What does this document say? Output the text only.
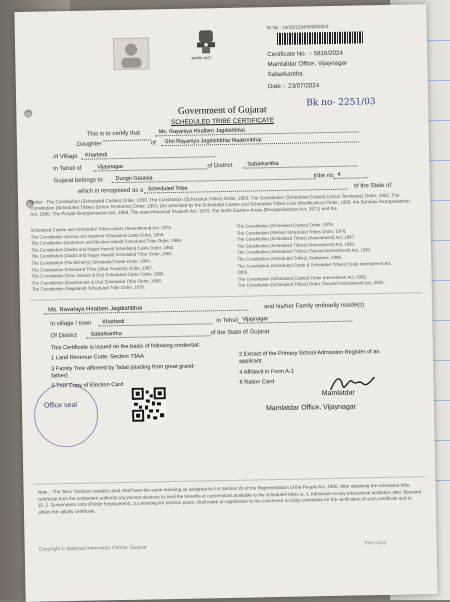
सत्यमेव जयते
Sr No : 24/10/1234/0000/2024
Certificate No. :- 5816/2024
Mamlatdar Office, Vijaynagar
Sabarkantha
Date :- 23/07/2024
Bk no- 2251/03
Government of Gujarat
SCHEDULED TRIBE CERTIFICATE
This is to certify that	Ms. Rayaniya Hiralben Jagdishbhai
Daughter	of	Shri Rayaniya Jagdishbhai Maaknobhai
of Village	Kharbedi
in Tahsil of	Vijaynagar	of District	Sabarkantha
Gujarat belongs to	Dungri Garasia	tribe no. 4
which is recognised as a Scheduled Tribe	of the State of
Under : The Constitution (Scheduled Castes) Order, 1950; The Constitution (Scheduled Tribes) Order, 1950; The Constitution (Scheduled Castes) (Union Territories) Order, 1951; The Constitution (Scheduled Tribes) (Union Territories) Order, 1951; (As amended by the Scheduled Castes and Scheduled Tribes Lists (Modification) Order, 1956, the Bombay Reorganisation Act, 1960, The Punjab Reorganisation Act, 1966, The state Himachal Pradesh Act, 1970, The North-Eastern Areas (Reorganisations Act, 1971) and the
Scheduled Castes and Scheduled Tribes orders (Amendment) Act, 1976.
The Constitution Jammu and Kashmir Scheduled Caste Order, 1956.
The Constitution (Andaman and Nicobar Island) Scheduled Tribe Order, 1959.
The Constitution (Dadra and Nagar Haveli) Scheduled Caste Order, 1962.
The Constitution (Dadra and Nagar Haveli) Scheduled Tribe Order, 1962.
The Constitution (Pondicherry) Scheduled Caste Order, 1964.
The Constitution Scheduled Tribe (Uttar Pradesh) Order, 1967.
The Constitution (Goa, Daman & Diu) Scheduled Caste Order, 1968.
The Constitution (Goa/Daman & Diu) Scheduled Tribe Order, 1968.
The Constitution (Nagaland) Scheduled Tribe Order, 1970.
The Constitution (Scheduled Castes) Order, 1978.
The Constitution (Sikkim) Scheduled Tribes Order, 1978.
The Constitution (Scheduled Tribes) (Amendment) Act, 1987.
The Constitution (Scheduled Tribes) (Amendment) Act, 1991.
The Constitution (Scheduled Tribes) (Second Amendment) Act, 1991.
The Constitution (Scheduled Tribes) Ordinance, 1996.
The Constitution (Scheduled Caste & Scheduled Tribes) Order Amendment Act,
2002.
The Constitution (Scheduled Castes) Order Amendment Act, 2002.
The Constitution (Scheduled Tribes) Order (Second Amendment) Act, 2002.
Ms. Ravaniya Hiralben Jagdishbhai	and his/her Family ordinarily reside(s)
in village / town	Kharbedi	in Tehsil Vijaynagar
Of District	Sabarkantha	of the State of Gujarat
This Certificate is issued on the basis of following credential:
1 Land Revenue Code: Section 73AA	2 Extract of the Primary School Admission Register of an applicant
3 Family Tree affirmed by Talati (starting from great grand-father)
4 Affidavit in Form A-1
5 True Copy of Election Card	6 Ration Card
Office seal
Mamlatdar
Mamlatdar Office, Vijaynagar
Note :- The Term 'Ordinary reside/s used shall have the same meaning as assigned to it in Section 20 of the Representation of the People Act, 1950. After obtaining the scheduled tribe certificate from the competent authority any person desirous to avail the benefits or concessions available to the scheduled tribe i.e. 1. Admission to any educational institution after Standard 10, 2. Government Jobs (Public Employment), 3.contesting for election posts, shall make an application to the concerned scrutiny committee for the verification of such certificate and to obtain the validity certificate.
Copyright © National Informatics Centre, Gujarat
Print Copy
